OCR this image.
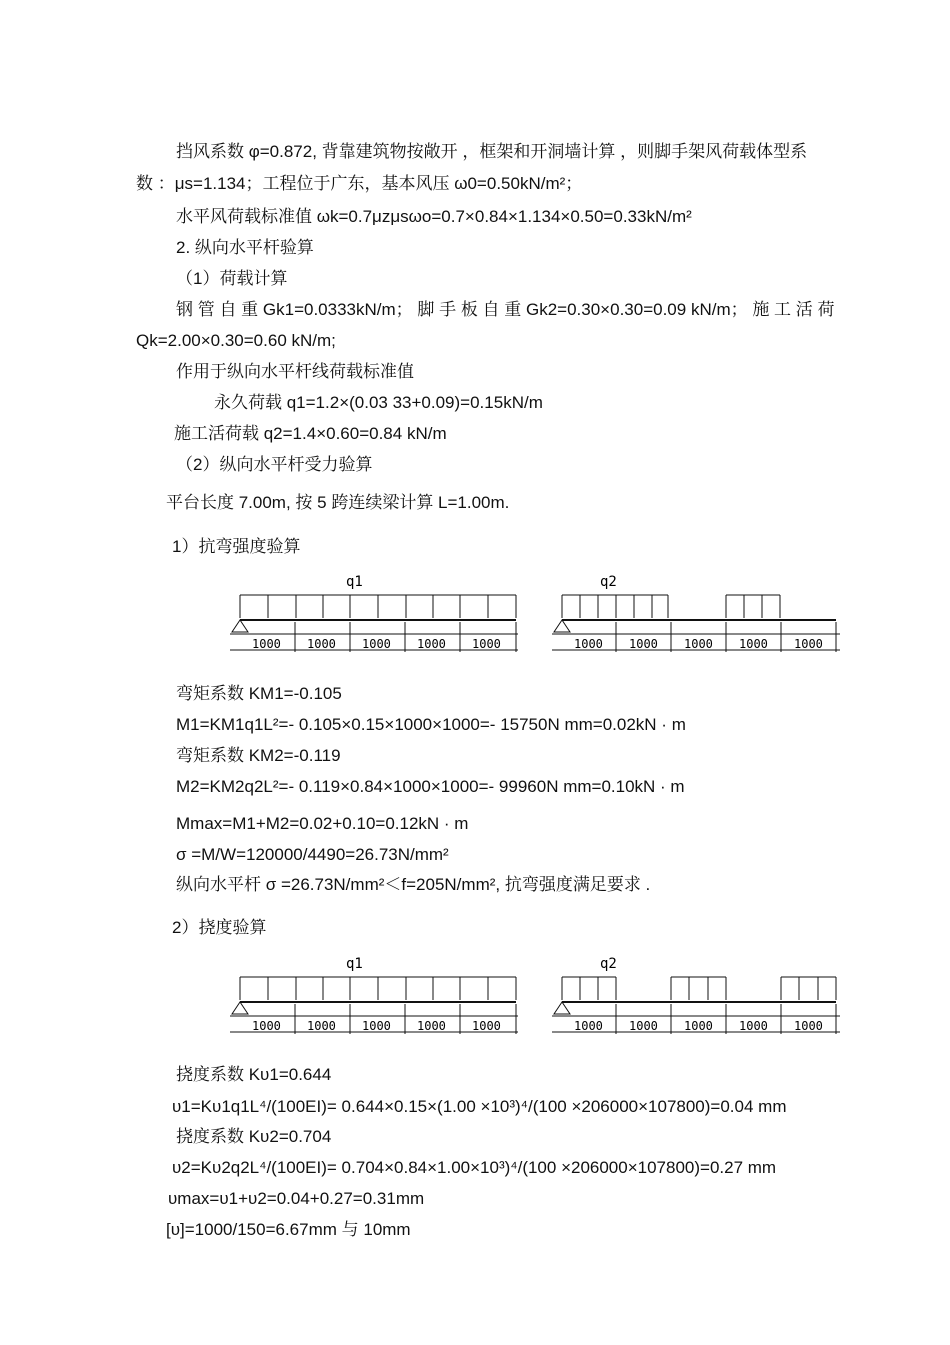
挡风系数 φ=0.872, 背靠建筑物按敞开 ，框架和开洞墙计算 ，则脚手架风荷载体型系
数 ：μs=1.134；工程位于广东，基本风压 ω0=0.50kN/m²；
水平风荷载标准值 ωk=0.7μzμsωo=0.7×0.84×1.134×0.50=0.33kN/m²
2. 纵向水平杆验算
（1）荷载计算
钢 管 自 重 Gk1=0.0333kN/m； 脚 手 板 自 重 Gk2=0.30×0.30=0.09 kN/m； 施 工 活 荷
Qk=2.00×0.30=0.60 kN/m;
作用于纵向水平杆线荷载标准值
永久荷载 q1=1.2×(0.03 33+0.09)=0.15kN/m
施工活荷载 q2=1.4×0.60=0.84 kN/m
（2）纵向水平杆受力验算
平台长度 7.00m, 按 5 跨连续梁计算 L=1.00m.
1）抗弯强度验算
q1
1000 1000 1000 1000 1000
q2
1000 1000 1000 1000 1000
弯矩系数 KM1=-0.105
M1=KM1q1L²=- 0.105×0.15×1000×1000=- 15750N mm=0.02kN · m
弯矩系数 KM2=-0.119
M2=KM2q2L²=- 0.119×0.84×1000×1000=- 99960N mm=0.10kN · m
Mmax=M1+M2=0.02+0.10=0.12kN · m
σ =M/W=120000/4490=26.73N/mm²
纵向水平杆 σ =26.73N/mm²＜f=205N/mm², 抗弯强度满足要求 .
2）挠度验算
q1
1000 1000 1000 1000 1000
q2
1000 1000 1000 1000 1000
挠度系数 Kυ1=0.644
υ1=Kυ1q1L⁴/(100EI)= 0.644×0.15×(1.00 ×10³)⁴/(100 ×206000×107800)=0.04 mm
挠度系数 Kυ2=0.704
υ2=Kυ2q2L⁴/(100EI)= 0.704×0.84×1.00×10³)⁴/(100 ×206000×107800)=0.27 mm
υmax=υ1+υ2=0.04+0.27=0.31mm
[υ]=1000/150=6.67mm 与 10mm
